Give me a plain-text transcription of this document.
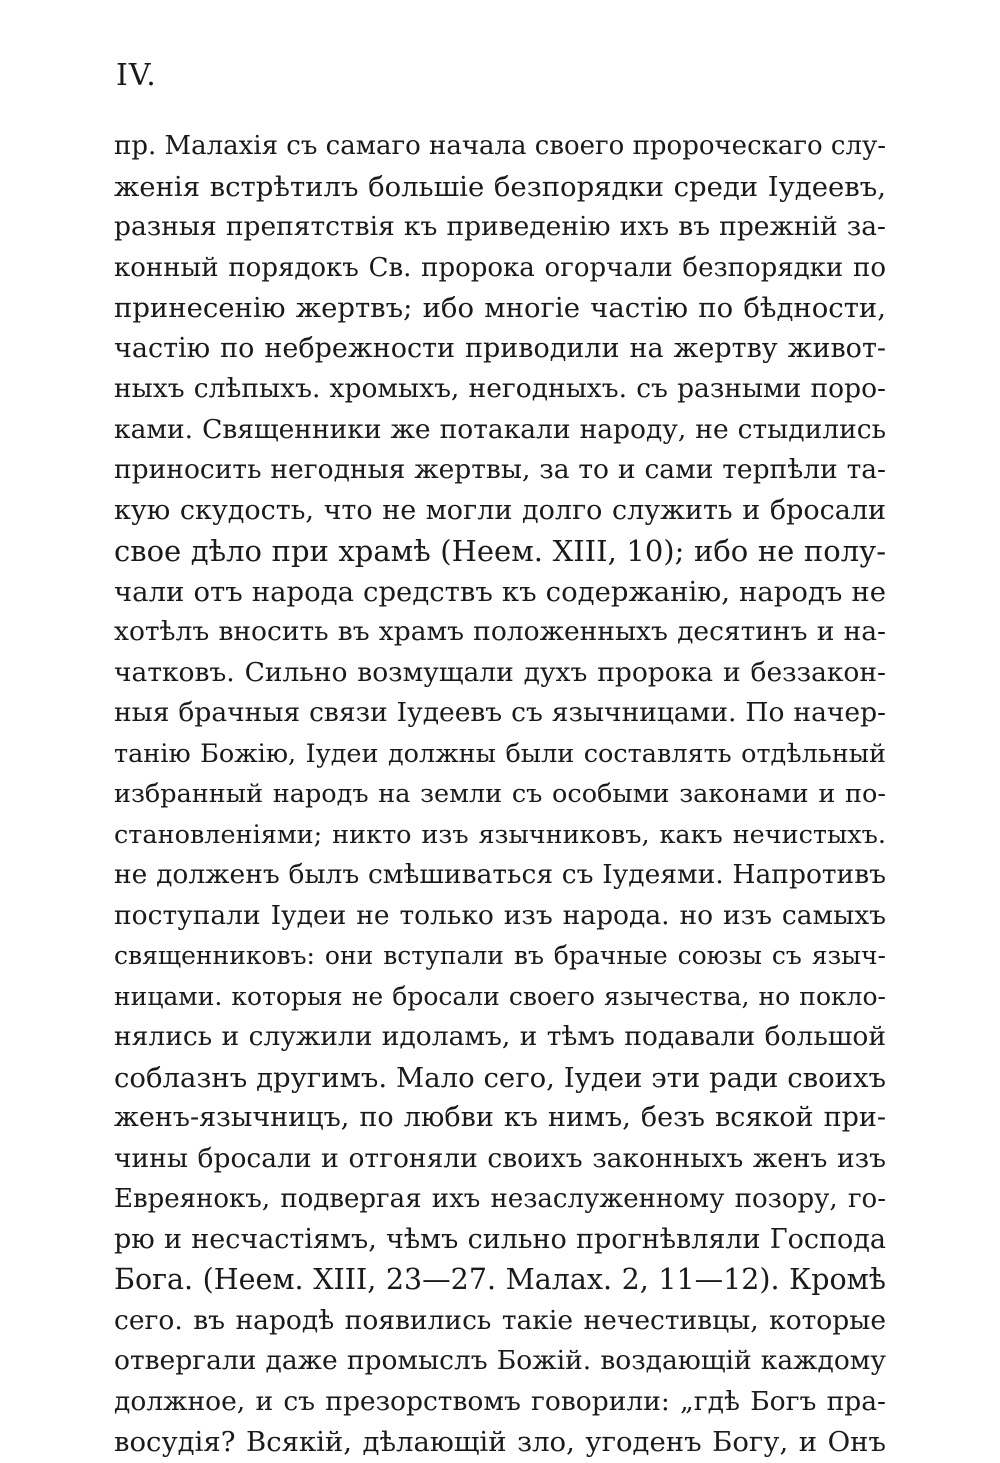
IV.
пр. Малахія съ самаго начала своего пророческаго слу-
женія встрѣтилъ большіе безпорядки среди Іудеевъ,
разныя препятствія къ приведенію ихъ въ прежній за-
конный порядокъ Св. пророка огорчали безпорядки по
принесенію жертвъ; ибо многіе частію по бѣдности,
частію по небрежности приводили на жертву живот-
ныхъ слѣпыхъ. хромыхъ, негодныхъ. съ разными поро-
ками. Священники же потакали народу, не стыдились
приносить негодныя жертвы, за то и сами терпѣли та-
кую скудость, что не могли долго служить и бросали
свое дѣло при храмѣ (Неем. XIII, 10); ибо не полу-
чали отъ народа средствъ къ содержанію, народъ не
хотѣлъ вносить въ храмъ положенныхъ десятинъ и на-
чатковъ. Сильно возмущали духъ пророка и беззакон-
ныя брачныя связи Іудеевъ съ язычницами. По начер-
танію Божію, Іудеи должны были составлять отдѣльный
избранный народъ на земли съ особыми законами и по-
становленіями; никто изъ язычниковъ, какъ нечистыхъ.
не долженъ былъ смѣшиваться съ Іудеями. Напротивъ
поступали Іудеи не только изъ народа. но изъ самыхъ
священниковъ: они вступали въ брачные союзы съ языч-
ницами. которыя не бросали своего язычества, но покло-
нялись и служили идоламъ, и тѣмъ подавали большой
соблазнъ другимъ. Мало сего, Іудеи эти ради своихъ
женъ-язычницъ, по любви къ нимъ, безъ всякой при-
чины бросали и отгоняли своихъ законныхъ женъ изъ
Евреянокъ, подвергая ихъ незаслуженному позору, го-
рю и несчастіямъ, чѣмъ сильно прогнѣвляли Господа
Бога. (Неем. XIII, 23—27. Малах. 2, 11—12). Кромѣ
сего. въ народѣ появились такіе нечестивцы, которые
отвергали даже промыслъ Божій. воздающій каждому
должное, и съ презорствомъ говорили: „гдѣ Богъ пра-
восудія? Всякій, дѣлающій зло, угоденъ Богу, и Онъ
